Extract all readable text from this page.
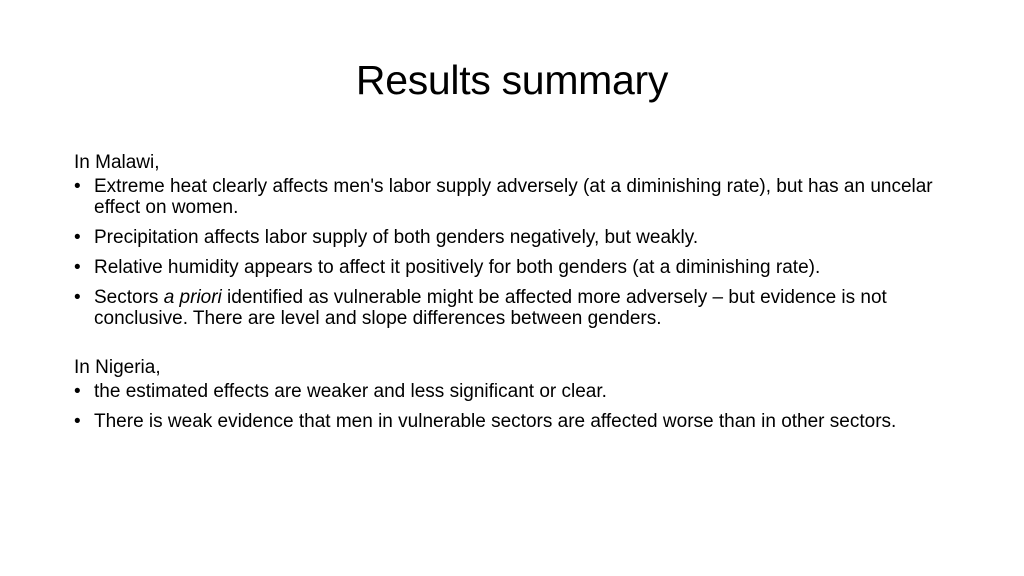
Results summary

In Malawi,

• Extreme heat clearly affects men's labor supply adversely (at a diminishing rate), but has an uncelar effect on women.
• Precipitation affects labor supply of both genders negatively, but weakly.
• Relative humidity appears to affect it positively for both genders (at a diminishing rate).
• Sectors a priori identified as vulnerable might be affected more adversely – but evidence is not conclusive. There are level and slope differences between genders.

In Nigeria,

• the estimated effects are weaker and less significant or clear.
• There is weak evidence that men in vulnerable sectors are affected worse than in other sectors.
